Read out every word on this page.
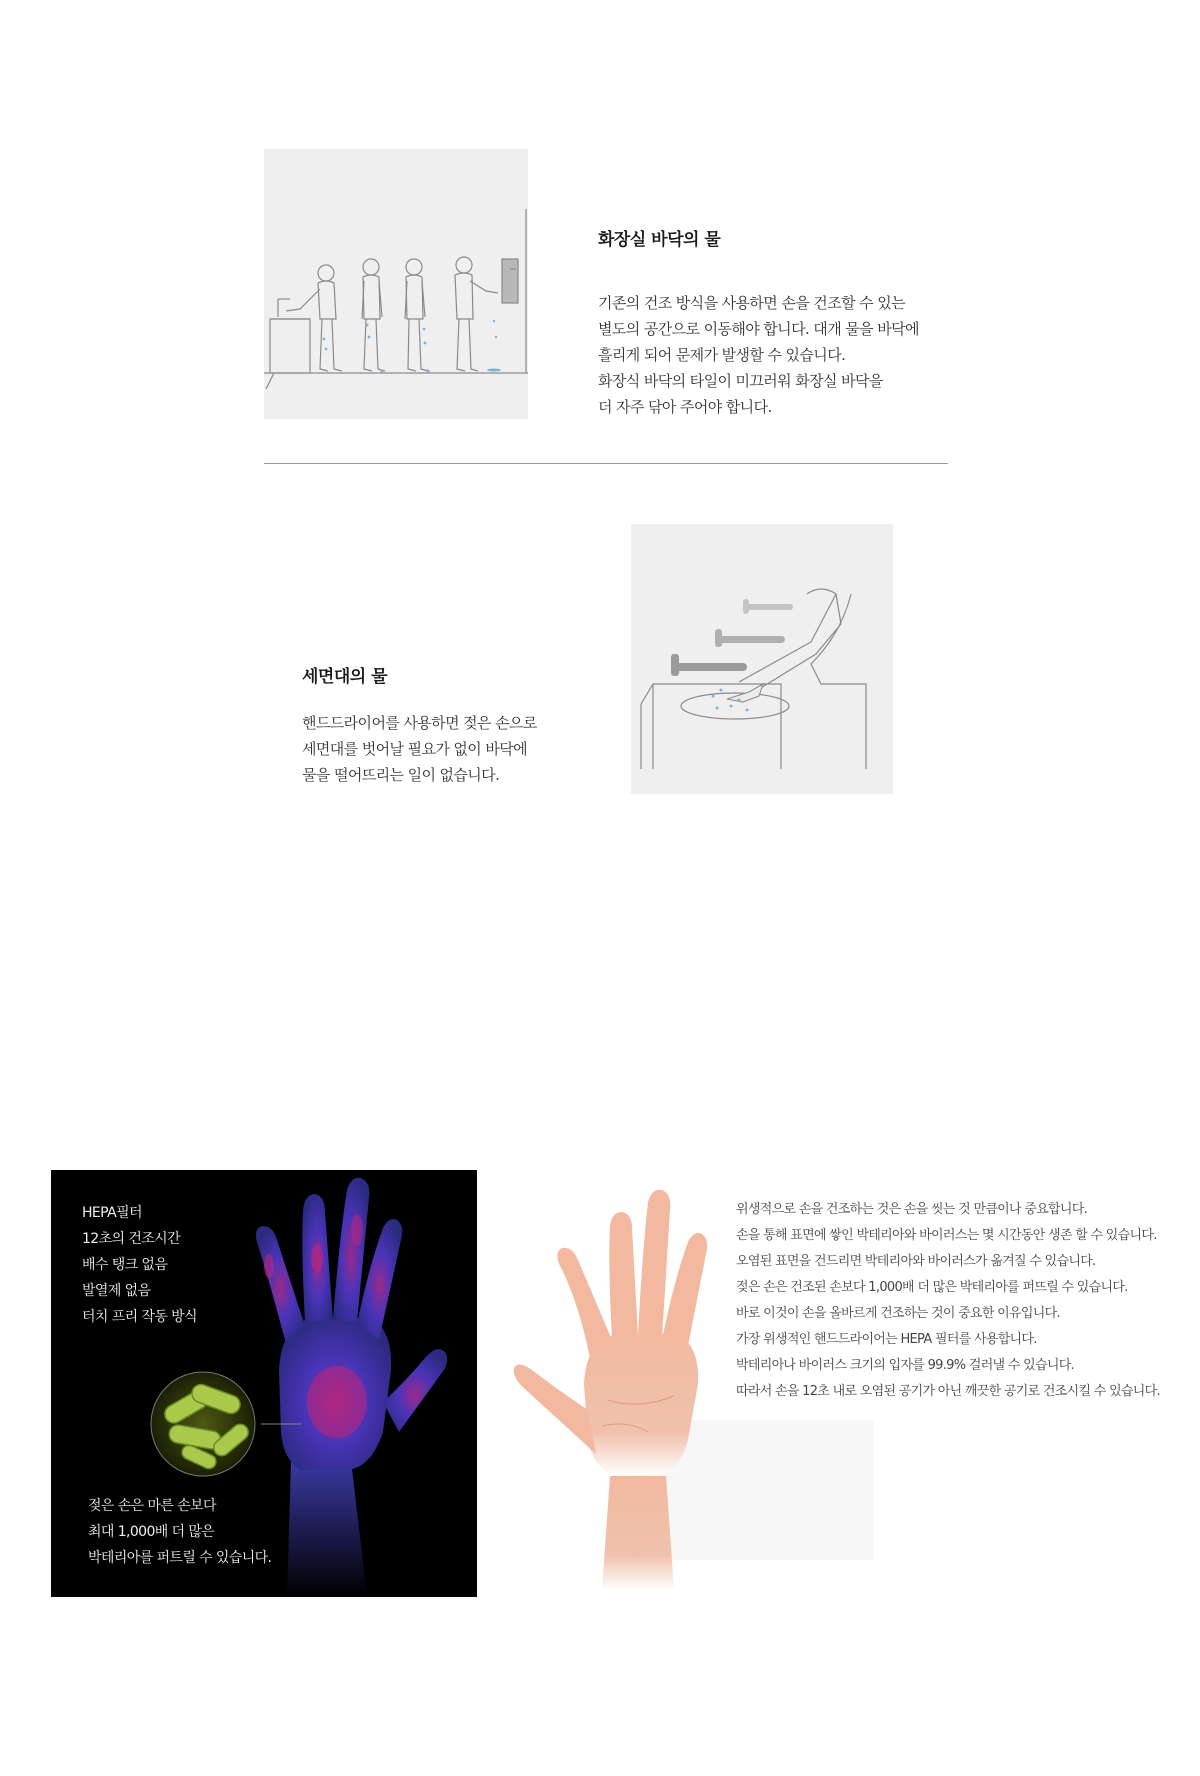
화장실 바닥의 물
기존의 건조 방식을 사용하면 손을 건조할 수 있는
별도의 공간으로 이동해야 합니다. 대개 물을 바닥에
흘리게 되어 문제가 발생할 수 있습니다.
화장식 바닥의 타일이 미끄러워 화장실 바닥을
더 자주 닦아 주어야 합니다.
세면대의 물
핸드드라이어를 사용하면 젖은 손으로
세면대를 벗어날 필요가 없이 바닥에
물을 떨어뜨리는 일이 없습니다.
HEPA필터
12초의 건조시간
배수 탱크 없음
발열제 없음
터치 프리 작동 방식
젖은 손은 마른 손보다
최대 1,000배 더 많은
박테리아를 퍼트릴 수 있습니다.
위생적으로 손을 건조하는 것은 손을 씻는 것 만큼이나 중요합니다.
손을 통해 표면에 쌓인 박테리아와 바이러스는 몇 시간동안 생존 할 수 있습니다.
오염된 표면을 건드리면 박테리아와 바이러스가 옮겨질 수 있습니다.
젖은 손은 건조된 손보다 1,000배 더 많은 박테리아를 퍼뜨릴 수 있습니다.
바로 이것이 손을 올바르게 건조하는 것이 중요한 이유입니다.
가장 위생적인 핸드드라이어는 HEPA 필터를 사용합니다.
박테리아나 바이러스 크기의 입자를 99.9% 걸러낼 수 있습니다.
따라서 손을 12초 내로 오염된 공기가 아닌 깨끗한 공기로 건조시킬 수 있습니다.
